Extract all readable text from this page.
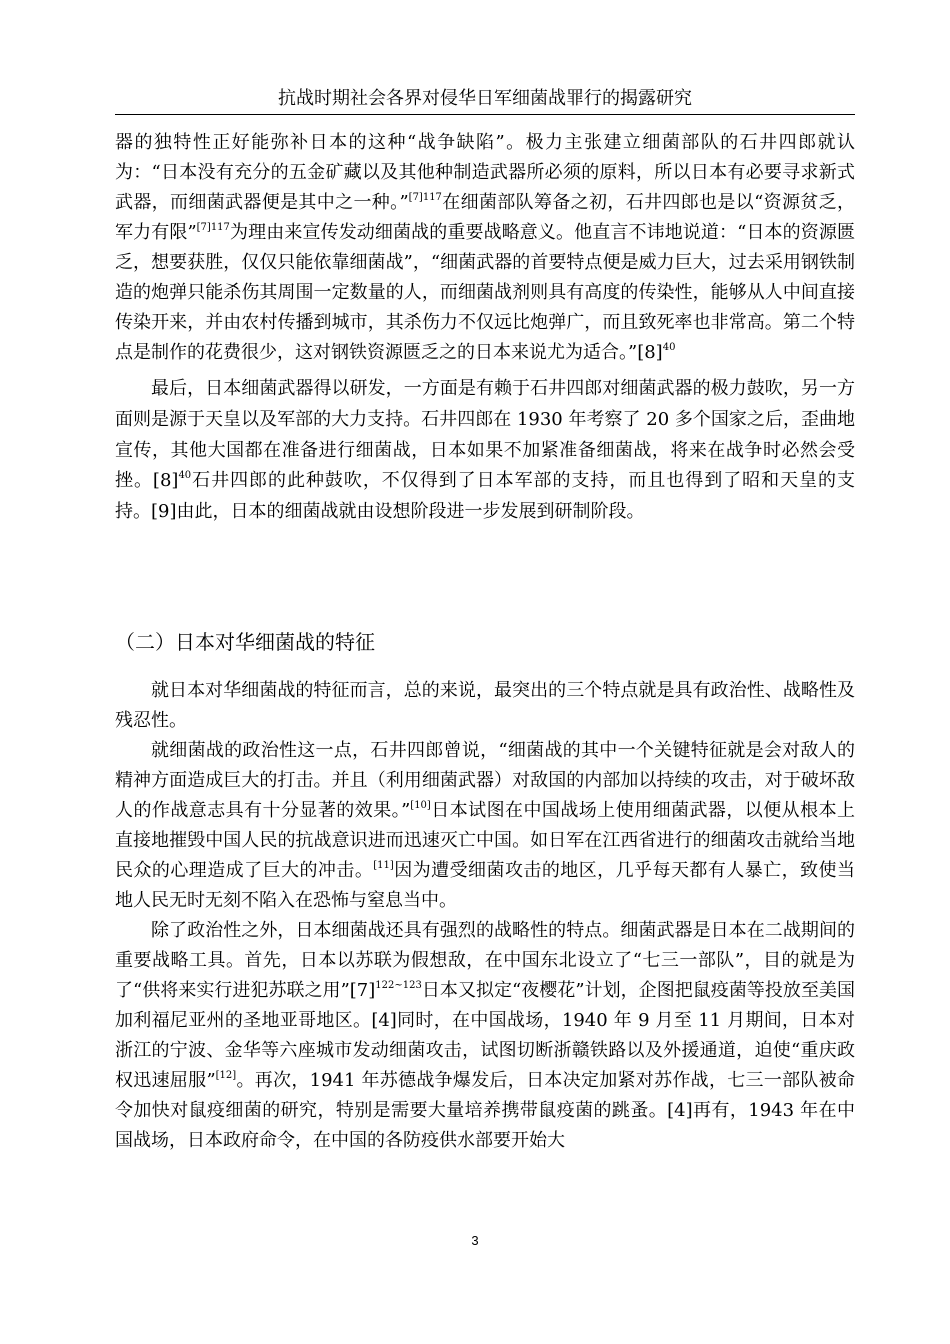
抗战时期社会各界对侵华日军细菌战罪行的揭露研究

器的独特性正好能弥补日本的这种“战争缺陷”。极力主张建立细菌部队的石井四郎就认为：“日本没有充分的五金矿藏以及其他种制造武器所必须的原料，所以日本有必要寻求新式武器，而细菌武器便是其中之一种。”$^{[7]117}$在细菌部队筹备之初，石井四郎也是以“资源贫乏，军力有限”$^{[7]117}$为理由来宣传发动细菌战的重要战略意义。他直言不讳地说道：“日本的资源匮乏，想要获胜，仅仅只能依靠细菌战”，“细菌武器的首要特点便是威力巨大，过去采用钢铁制造的炮弹只能杀伤其周围一定数量的人，而细菌战剂则具有高度的传染性，能够从人中间直接传染开来，并由农村传播到城市，其杀伤力不仅远比炮弹广，而且致死率也非常高。第二个特点是制作的花费很少，这对钢铁资源匮乏之的日本来说尤为适合。$”[8]^{40}$

最后，日本细菌武器得以研发，一方面是有赖于石井四郎对细菌武器的极力鼓吹，另一方面则是源于天皇以及军部的大力支持。石井四郎在 1930 年考察了 20 多个国家之后，歪曲地宣传，其他大国都在准备进行细菌战，日本如果不加紧准备细菌战，将来在战争时必然会受挫。$[8]^{40}$石井四郎的此种鼓吹，不仅得到了日本军部的支持，而且也得到了昭和天皇的支持。[9]由此，日本的细菌战就由设想阶段进一步发展到研制阶段。

（二）日本对华细菌战的特征

就日本对华细菌战的特征而言，总的来说，最突出的三个特点就是具有政治性、战略性及残忍性。

就细菌战的政治性这一点，石井四郎曾说，“细菌战的其中一个关键特征就是会对敌人的精神方面造成巨大的打击。并且（利用细菌武器）对敌国的内部加以持续的攻击，对于破坏敌人的作战意志具有十分显著的效果。”[10]日本试图在中国战场上使用细菌武器，以便从根本上直接地摧毁中国人民的抗战意识进而迅速灭亡中国。如日军在江西省进行的细菌攻击就给当地民众的心理造成了巨大的冲击。[11]因为遭受细菌攻击的地区，几乎每天都有人暴亡，致使当地人民无时无刻不陷入在恐怖与窒息当中。

除了政治性之外，日本细菌战还具有强烈的战略性的特点。细菌武器是日本在二战期间的重要战略工具。首先，日本以苏联为假想敌，在中国东北设立了“七三一部队”，目的就是为了“供将来实行进犯苏联之用$”[7]^{122\sim 123}$日本又拟定“夜樱花”计划，企图把鼠疫菌等投放至美国加利福尼亚州的圣地亚哥地区。[4]同时，在中国战场，1940 年 9 月至 11 月期间，日本对浙江的宁波、金华等六座城市发动细菌攻击，试图切断浙赣铁路以及外援通道，迫使“重庆政权迅速屈服”[12]。再次，1941 年苏德战争爆发后，日本决定加紧对苏作战，七三一部队被命令加快对鼠疫细菌的研究，特别是需要大量培养携带鼠疫菌的跳蚤。[4]再有，1943 年在中国战场，日本政府命令，在中国的各防疫供水部要开始大

3
